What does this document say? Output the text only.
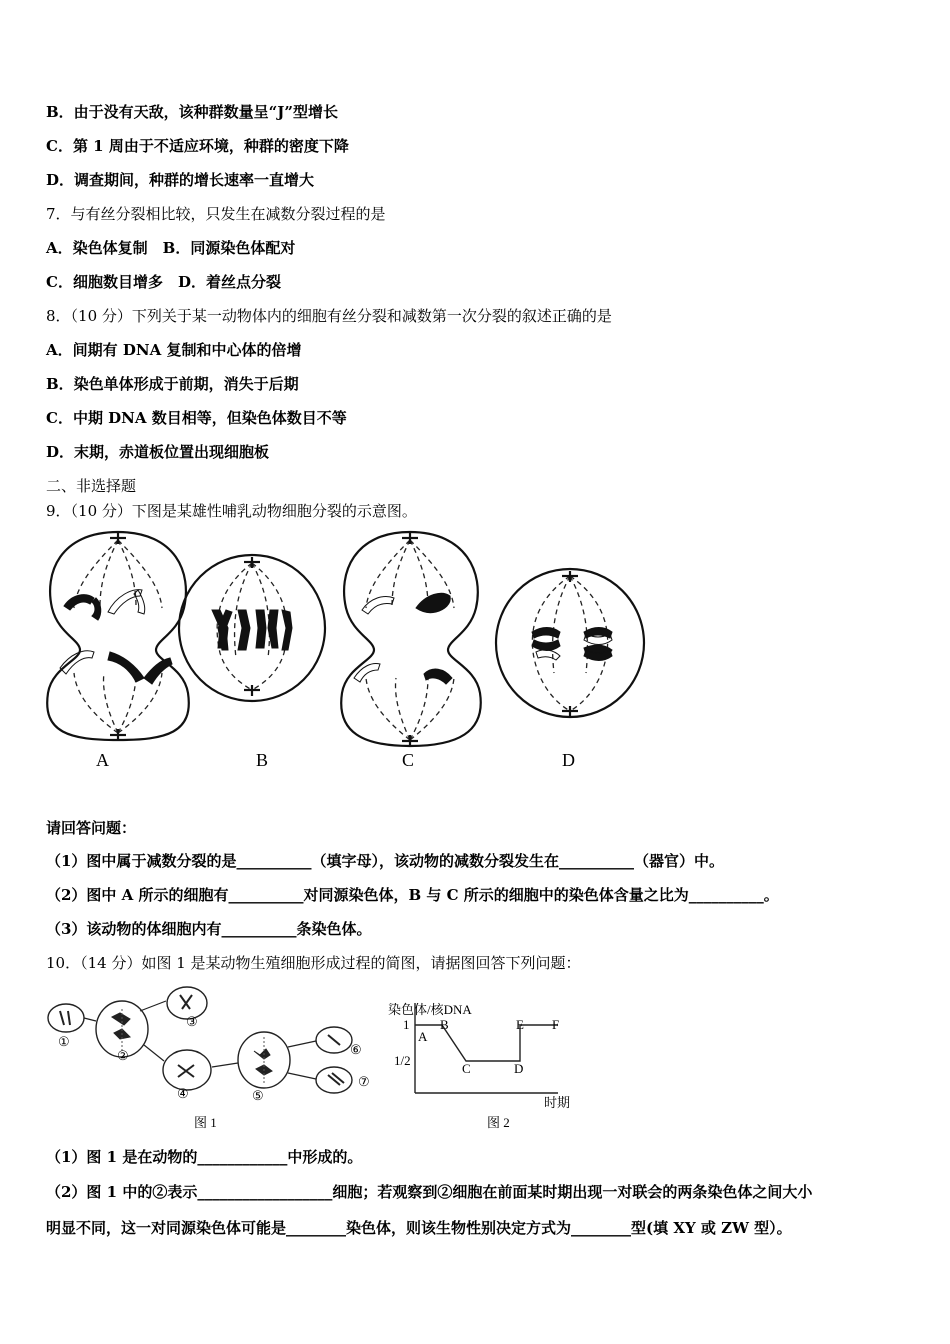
B．由于没有天敌，该种群数量呈“J”型增长
C．第 1 周由于不适应环境，种群的密度下降
D．调查期间，种群的增长速率一直增大
7．与有丝分裂相比较，只发生在减数分裂过程的是
A．染色体复制　B．同源染色体配对
C．细胞数目增多　D．着丝点分裂
8．（10 分）下列关于某一动物体内的细胞有丝分裂和减数第一次分裂的叙述正确的是
A．间期有 DNA 复制和中心体的倍增
B．染色单体形成于前期，消失于后期
C．中期 DNA 数目相等，但染色体数目不等
D．末期，赤道板位置出现细胞板
二、非选择题
9．（10 分）下图是某雄性哺乳动物细胞分裂的示意图。
A	B	C	D
请回答问题：
（1）图中属于减数分裂的是__________（填字母），该动物的减数分裂发生在__________（器官）中。
（2）图中 A 所示的细胞有__________对同源染色体，B 与 C 所示的细胞中的染色体含量之比为__________。
（3）该动物的体细胞内有__________条染色体。
10．（14 分）如图 1 是某动物生殖细胞形成过程的简图，请据图回答下列问题：
①
②
③
④	⑤
⑥
⑦
图 1
染色体/核DNA
1
1/2
A
B
C	D
E F
时期
图 2
（1）图 1 是在动物的____________中形成的。
（2）图 1 中的②表示__________________细胞；若观察到②细胞在前面某时期出现一对联会的两条染色体之间大小
明显不同，这一对同源染色体可能是________染色体，则该生物性别决定方式为________型(填 XY 或 ZW 型）。
